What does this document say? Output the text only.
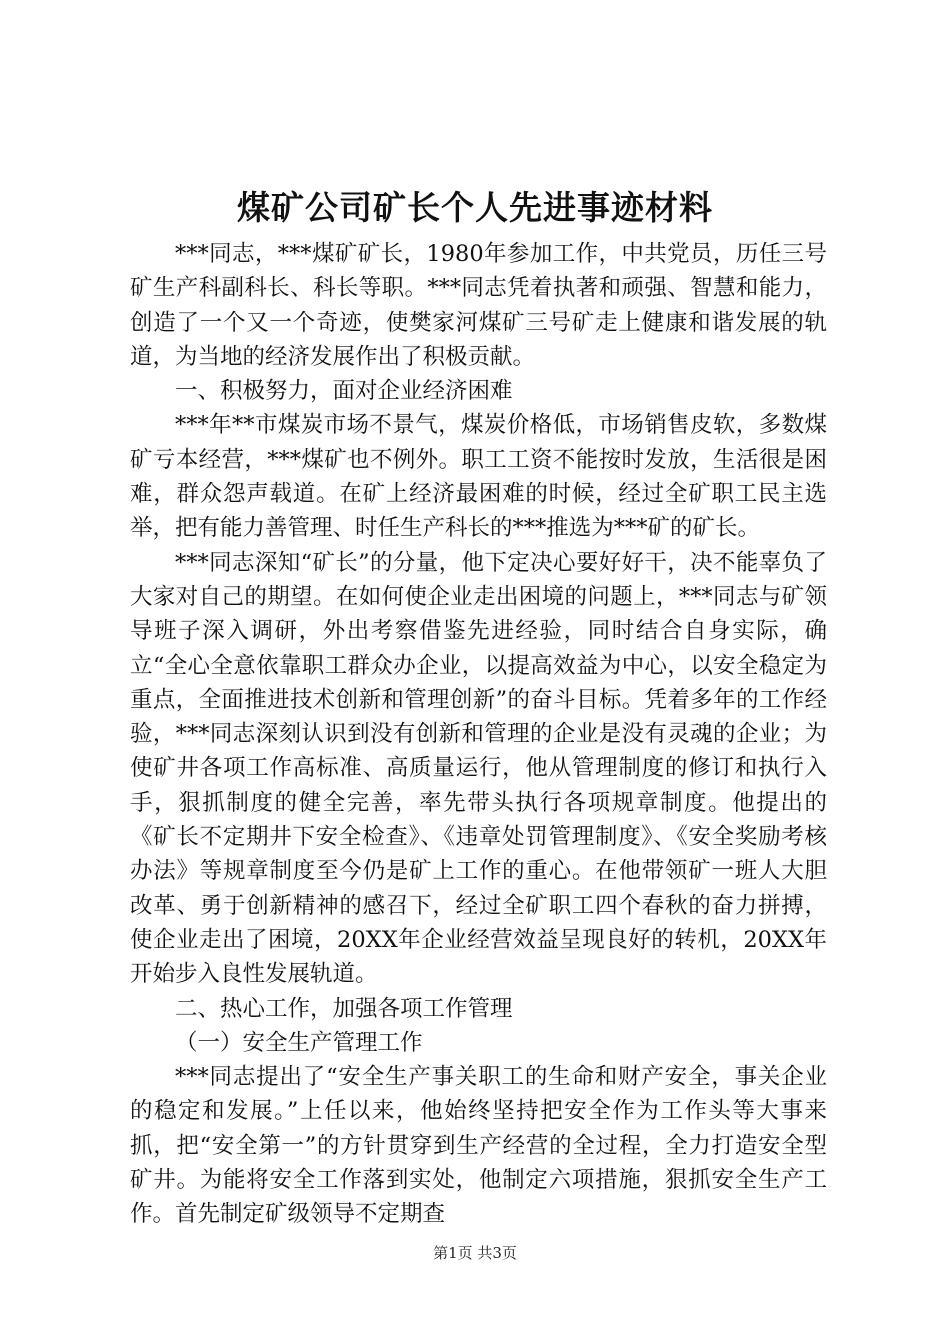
煤矿公司矿长个人先进事迹材料

***同志，***煤矿矿长，1980年参加工作，中共党员，历任三号矿生产科副科长、科长等职。***同志凭着执著和顽强、智慧和能力，创造了一个又一个奇迹，使樊家河煤矿三号矿走上健康和谐发展的轨道，为当地的经济发展作出了积极贡献。

一、积极努力，面对企业经济困难

***年**市煤炭市场不景气，煤炭价格低，市场销售皮软，多数煤矿亏本经营，***煤矿也不例外。职工工资不能按时发放，生活很是困难，群众怨声载道。在矿上经济最困难的时候，经过全矿职工民主选举，把有能力善管理、时任生产科长的***推选为***矿的矿长。

***同志深知“矿长”的分量，他下定决心要好好干，决不能辜负了大家对自己的期望。在如何使企业走出困境的问题上，***同志与矿领导班子深入调研，外出考察借鉴先进经验，同时结合自身实际，确立“全心全意依靠职工群众办企业，以提高效益为中心，以安全稳定为重点，全面推进技术创新和管理创新”的奋斗目标。凭着多年的工作经验，***同志深刻认识到没有创新和管理的企业是没有灵魂的企业；为使矿井各项工作高标准、高质量运行，他从管理制度的修订和执行入手，狠抓制度的健全完善，率先带头执行各项规章制度。他提出的《矿长不定期井下安全检查》、《违章处罚管理制度》、《安全奖励考核办法》等规章制度至今仍是矿上工作的重心。在他带领矿一班人大胆改革、勇于创新精神的感召下，经过全矿职工四个春秋的奋力拼搏，使企业走出了困境，20XX年企业经营效益呈现良好的转机，20XX年开始步入良性发展轨道。

二、热心工作，加强各项工作管理

（一）安全生产管理工作

***同志提出了“安全生产事关职工的生命和财产安全，事关企业的稳定和发展。”上任以来，他始终坚持把安全作为工作头等大事来抓，把“安全第一”的方针贯穿到生产经营的全过程，全力打造安全型矿井。为能将安全工作落到实处，他制定六项措施，狠抓安全生产工作。首先制定矿级领导不定期查

第1页 共3页
